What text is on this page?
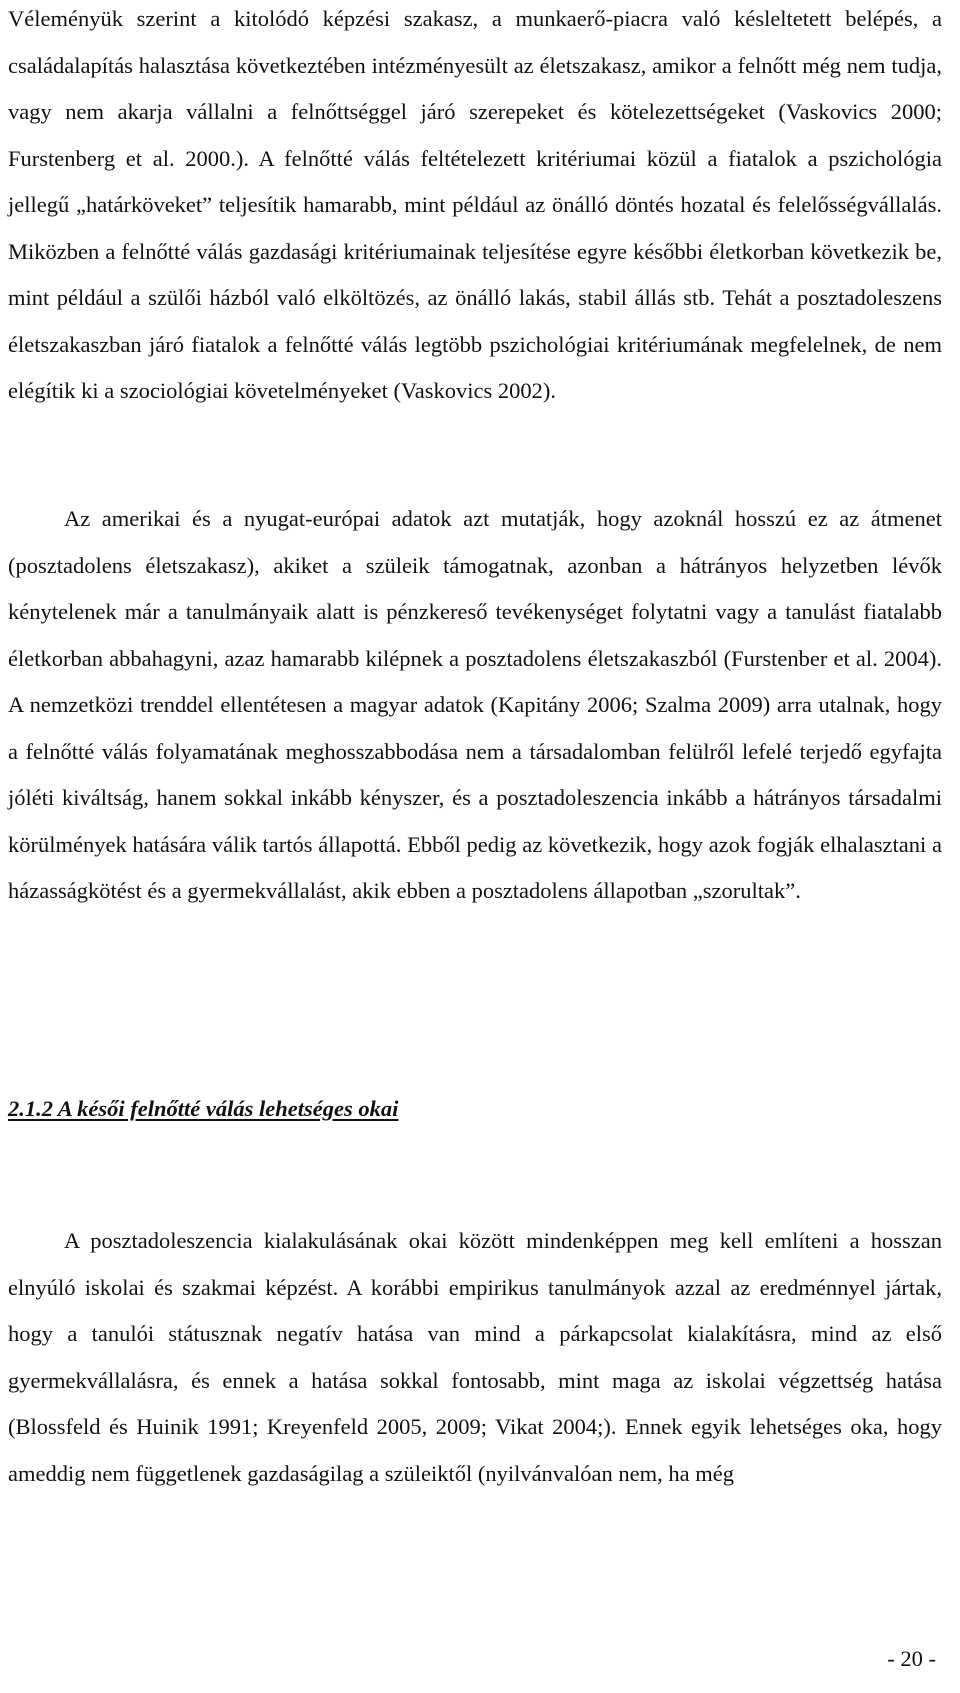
Véleményük szerint a kitolódó képzési szakasz, a munkaerő-piacra való késleltetett belépés, a családalapítás halasztása következtében intézményesült az életszakasz, amikor a felnőtt még nem tudja, vagy nem akarja vállalni a felnőttséggel járó szerepeket és kötelezettségeket (Vaskovics 2000; Furstenberg et al. 2000.). A felnőtté válás feltételezett kritériumai közül a fiatalok a pszichológia jellegű „határköveket” teljesítik hamarabb, mint például az önálló döntés hozatal és felelősségvállalás. Miközben a felnőtté válás gazdasági kritériumainak teljesítése egyre későbbi életkorban következik be, mint például a szülői házból való elköltözés, az önálló lakás, stabil állás stb. Tehát a posztadoleszens életszakaszban járó fiatalok a felnőtté válás legtöbb pszichológiai kritériumának megfelelnek, de nem elégítik ki a szociológiai követelményeket (Vaskovics 2002).

Az amerikai és a nyugat-európai adatok azt mutatják, hogy azoknál hosszú ez az átmenet (posztadolens életszakasz), akiket a szüleik támogatnak, azonban a hátrányos helyzetben lévők kénytelenek már a tanulmányaik alatt is pénzkereső tevékenységet folytatni vagy a tanulást fiatalabb életkorban abbahagyni, azaz hamarabb kilépnek a posztadolens életszakaszból (Furstenber et al. 2004). A nemzetközi trenddel ellentétesen a magyar adatok (Kapitány 2006; Szalma 2009) arra utalnak, hogy a felnőtté válás folyamatának meghosszabbodása nem a társadalomban felülről lefelé terjedő egyfajta jóléti kiváltság, hanem sokkal inkább kényszer, és a posztadoleszencia inkább a hátrányos társadalmi körülmények hatására válik tartós állapottá. Ebből pedig az következik, hogy azok fogják elhalasztani a házasságkötést és a gyermekvállalást, akik ebben a posztadolens állapotban „szorultak”.

2.1.2 A késői felnőtté válás lehetséges okai

A posztadoleszencia kialakulásának okai között mindenképpen meg kell említeni a hosszan elnyúló iskolai és szakmai képzést. A korábbi empirikus tanulmányok azzal az eredménnyel jártak, hogy a tanulói státusznak negatív hatása van mind a párkapcsolat kialakításra, mind az első gyermekvállalásra, és ennek a hatása sokkal fontosabb, mint maga az iskolai végzettség hatása (Blossfeld és Huinik 1991; Kreyenfeld 2005, 2009; Vikat 2004;). Ennek egyik lehetséges oka, hogy ameddig nem függetlenek gazdaságilag a szüleiktől (nyilvánvalóan nem, ha még

- 20 -
